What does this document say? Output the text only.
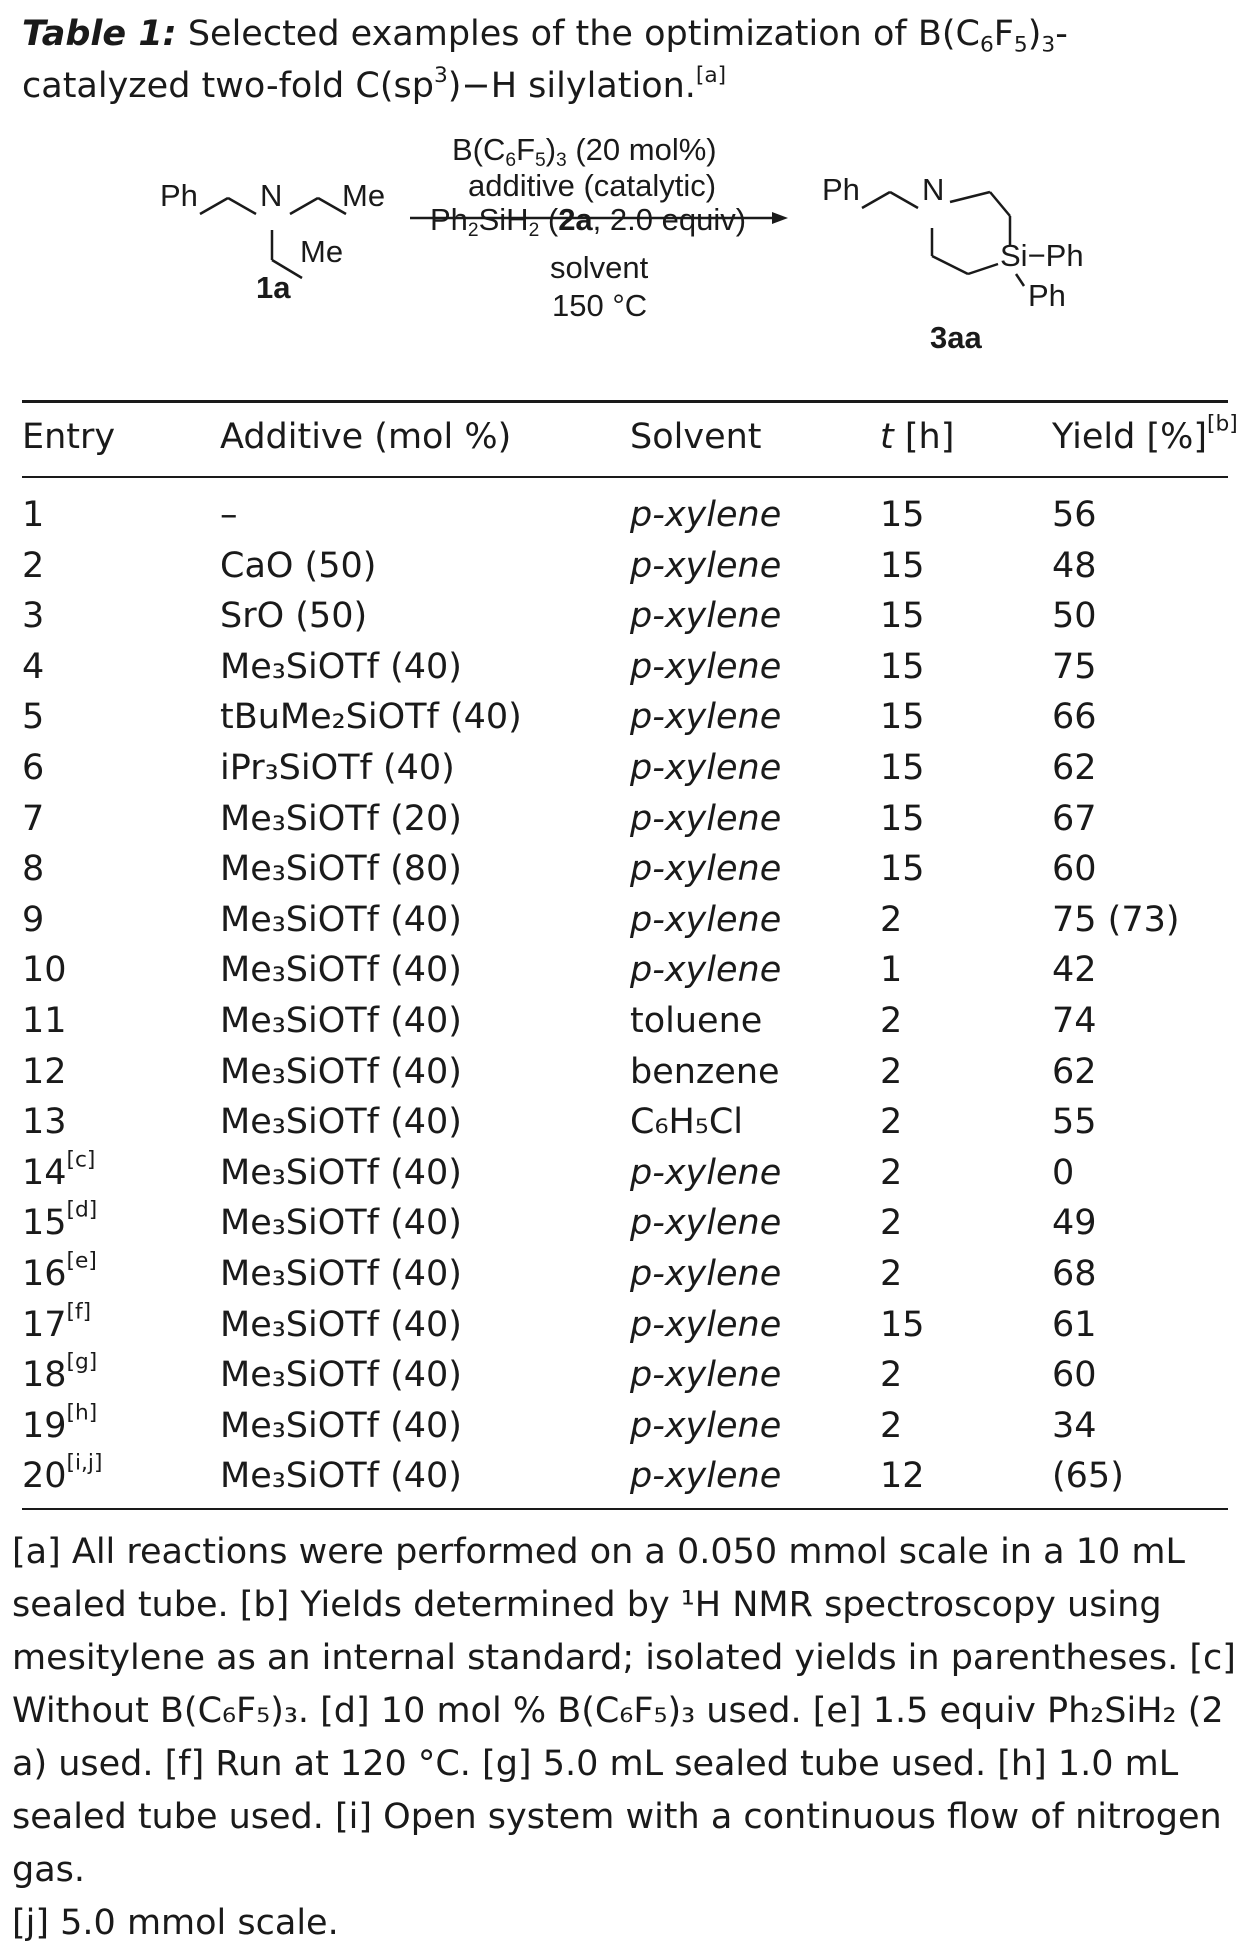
Table 1: Selected examples of the optimization of $B(C_6F_5)_3$-catalyzed two-fold $C(sp^3)-H$ silylation.[a]
Ph N Me
Me
1a
$B(C_6F_5)_3$ (20 mol%)
additive (catalytic)
$Ph_2SiH_2$ (2a, 2.0 equiv)
solvent
150 °C
Ph N
Si−Ph
Ph
3aa
Entry	Additive (mol %)	Solvent	t [h]	Yield [%][b]
1	–	p-xylene	15	56
2	CaO (50)	p-xylene	15	48
3	SrO (50)	p-xylene	15	50
4	Me₃SiOTf (40)	p-xylene	15	75
5	tBuMe₂SiOTf (40)	p-xylene	15	66
6	iPr₃SiOTf (40)	p-xylene	15	62
7	Me₃SiOTf (20)	p-xylene	15	67
8	Me₃SiOTf (80)	p-xylene	15	60
9	Me₃SiOTf (40)	p-xylene	2	75 (73)
10	Me₃SiOTf (40)	p-xylene	1	42
11	Me₃SiOTf (40)	toluene	2	74
12	Me₃SiOTf (40)	benzene	2	62
13	Me₃SiOTf (40)	C₆H₅Cl	2	55
14[c]	Me₃SiOTf (40)	p-xylene	2	0
15[d]	Me₃SiOTf (40)	p-xylene	2	49
16[e]	Me₃SiOTf (40)	p-xylene	2	68
17[f]	Me₃SiOTf (40)	p-xylene	15	61
18[g]	Me₃SiOTf (40)	p-xylene	2	60
19[h]	Me₃SiOTf (40)	p-xylene	2	34
20[i,j]	Me₃SiOTf (40)	p-xylene	12	(65)

[a] All reactions were performed on a 0.050 mmol scale in a 10 mL sealed tube. [b] Yields determined by ¹H NMR spectroscopy using mesitylene as an internal standard; isolated yields in parentheses. [c] Without B(C₆F₅)₃. [d] 10 mol % B(C₆F₅)₃ used. [e] 1.5 equiv Ph₂SiH₂ (2 a) used. [f] Run at 120 °C. [g] 5.0 mL sealed tube used. [h] 1.0 mL sealed tube used. [i] Open system with a continuous flow of nitrogen gas.

[j] 5.0 mmol scale.
